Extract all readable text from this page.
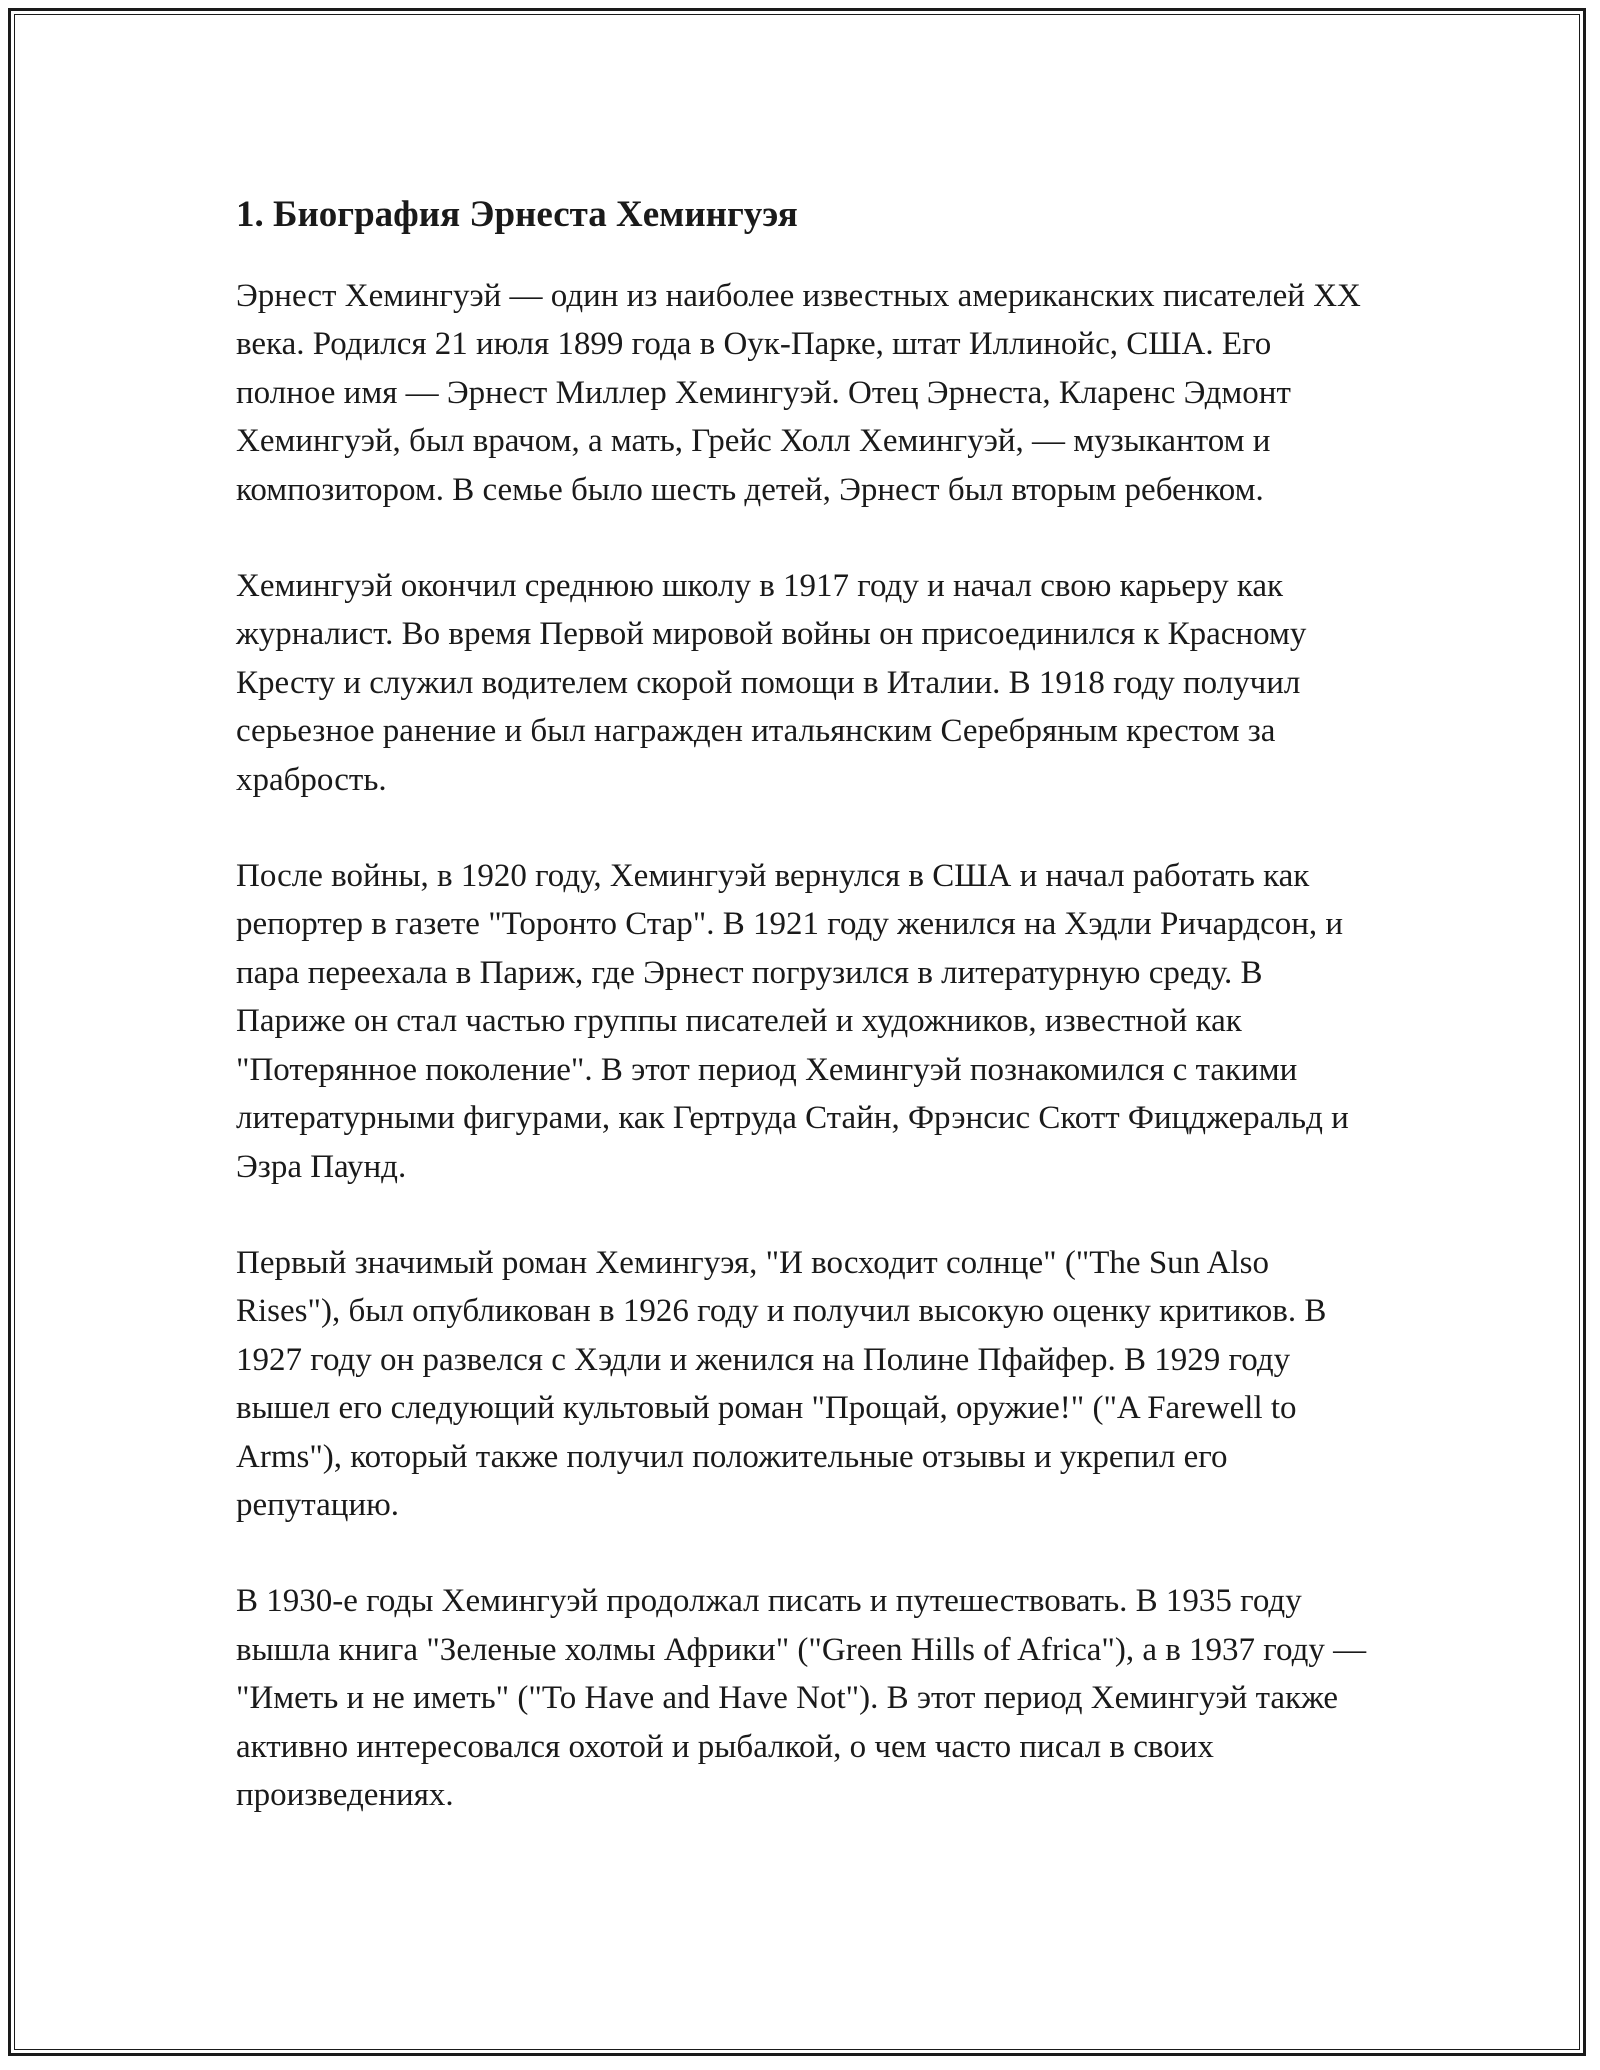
1. Биография Эрнеста Хемингуэя

Эрнест Хемингуэй — один из наиболее известных американских писателей XX века. Родился 21 июля 1899 года в Оук-Парке, штат Иллинойс, США. Его полное имя — Эрнест Миллер Хемингуэй. Отец Эрнеста, Кларенс Эдмонт Хемингуэй, был врачом, а мать, Грейс Холл Хемингуэй, — музыкантом и композитором. В семье было шесть детей, Эрнест был вторым ребенком.

Хемингуэй окончил среднюю школу в 1917 году и начал свою карьеру как журналист. Во время Первой мировой войны он присоединился к Красному Кресту и служил водителем скорой помощи в Италии. В 1918 году получил серьезное ранение и был награжден итальянским Серебряным крестом за храбрость.

После войны, в 1920 году, Хемингуэй вернулся в США и начал работать как репортер в газете "Торонто Стар". В 1921 году женился на Хэдли Ричардсон, и пара переехала в Париж, где Эрнест погрузился в литературную среду. В Париже он стал частью группы писателей и художников, известной как "Потерянное поколение". В этот период Хемингуэй познакомился с такими литературными фигурами, как Гертруда Стайн, Фрэнсис Скотт Фицджеральд и Эзра Паунд.

Первый значимый роман Хемингуэя, "И восходит солнце" ("The Sun Also Rises"), был опубликован в 1926 году и получил высокую оценку критиков. В 1927 году он развелся с Хэдли и женился на Полине Пфайфер. В 1929 году вышел его следующий культовый роман "Прощай, оружие!" ("A Farewell to Arms"), который также получил положительные отзывы и укрепил его репутацию.

В 1930-е годы Хемингуэй продолжал писать и путешествовать. В 1935 году вышла книга "Зеленые холмы Африки" ("Green Hills of Africa"), а в 1937 году — "Иметь и не иметь" ("To Have and Have Not"). В этот период Хемингуэй также активно интересовался охотой и рыбалкой, о чем часто писал в своих произведениях.
